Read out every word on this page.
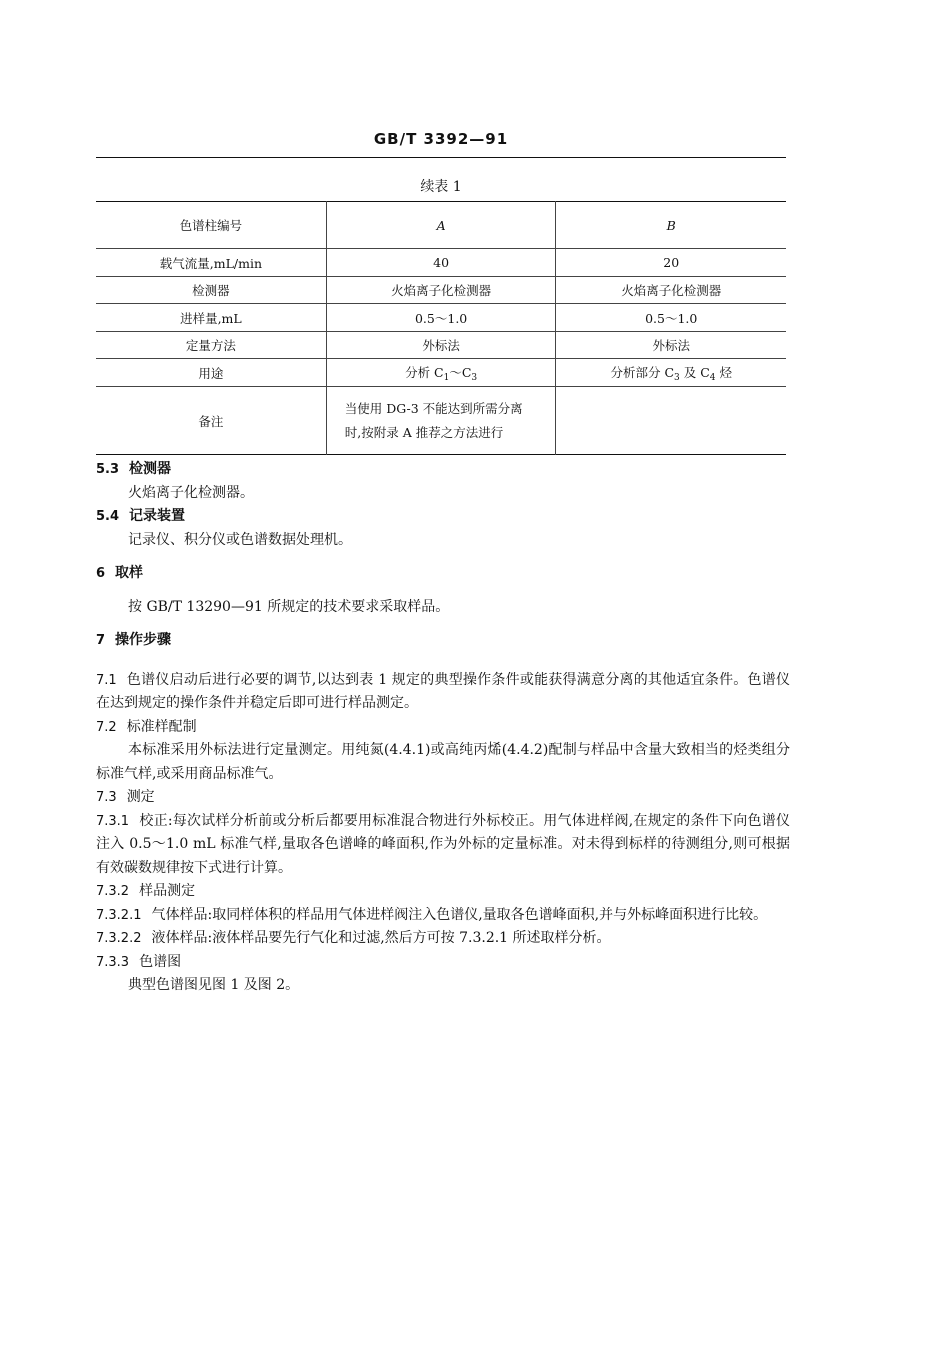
GB/T 3392—91
续表 1
色谱柱编号	A	B
载气流量,mL/min	40	20
检测器	火焰离子化检测器	火焰离子化检测器
进样量,mL	0.5～1.0	0.5～1.0
定量方法	外标法	外标法
用途	分析 $C_1\sim C_3$	分析部分 $C_3$ 及 $C_4$ 烃
备注	当使用 DG-3 不能达到所需分离
时,按附录 A 推荐之方法进行	

5.3 检测器

火焰离子化检测器。

5.4 记录装置

记录仪、积分仪或色谱数据处理机。

6 取样

按 GB/T 13290—91 所规定的技术要求采取样品。

7 操作步骤

7.1 色谱仪启动后进行必要的调节,以达到表 1 规定的典型操作条件或能获得满意分离的其他适宜条件。色谱仪在达到规定的操作条件并稳定后即可进行样品测定。

7.2 标准样配制

本标准采用外标法进行定量测定。用纯氮(4.4.1)或高纯丙烯(4.4.2)配制与样品中含量大致相当的烃类组分标准气样,或采用商品标准气。

7.3 测定

7.3.1 校正:每次试样分析前或分析后都要用标准混合物进行外标校正。用气体进样阀,在规定的条件下向色谱仪注入 0.5～1.0 mL 标准气样,量取各色谱峰的峰面积,作为外标的定量标准。对未得到标样的待测组分,则可根据有效碳数规律按下式进行计算。

7.3.2 样品测定

7.3.2.1 气体样品:取同样体积的样品用气体进样阀注入色谱仪,量取各色谱峰面积,并与外标峰面积进行比较。

7.3.2.2 液体样品:液体样品要先行气化和过滤,然后方可按 7.3.2.1 所述取样分析。

7.3.3 色谱图

典型色谱图见图 1 及图 2。
